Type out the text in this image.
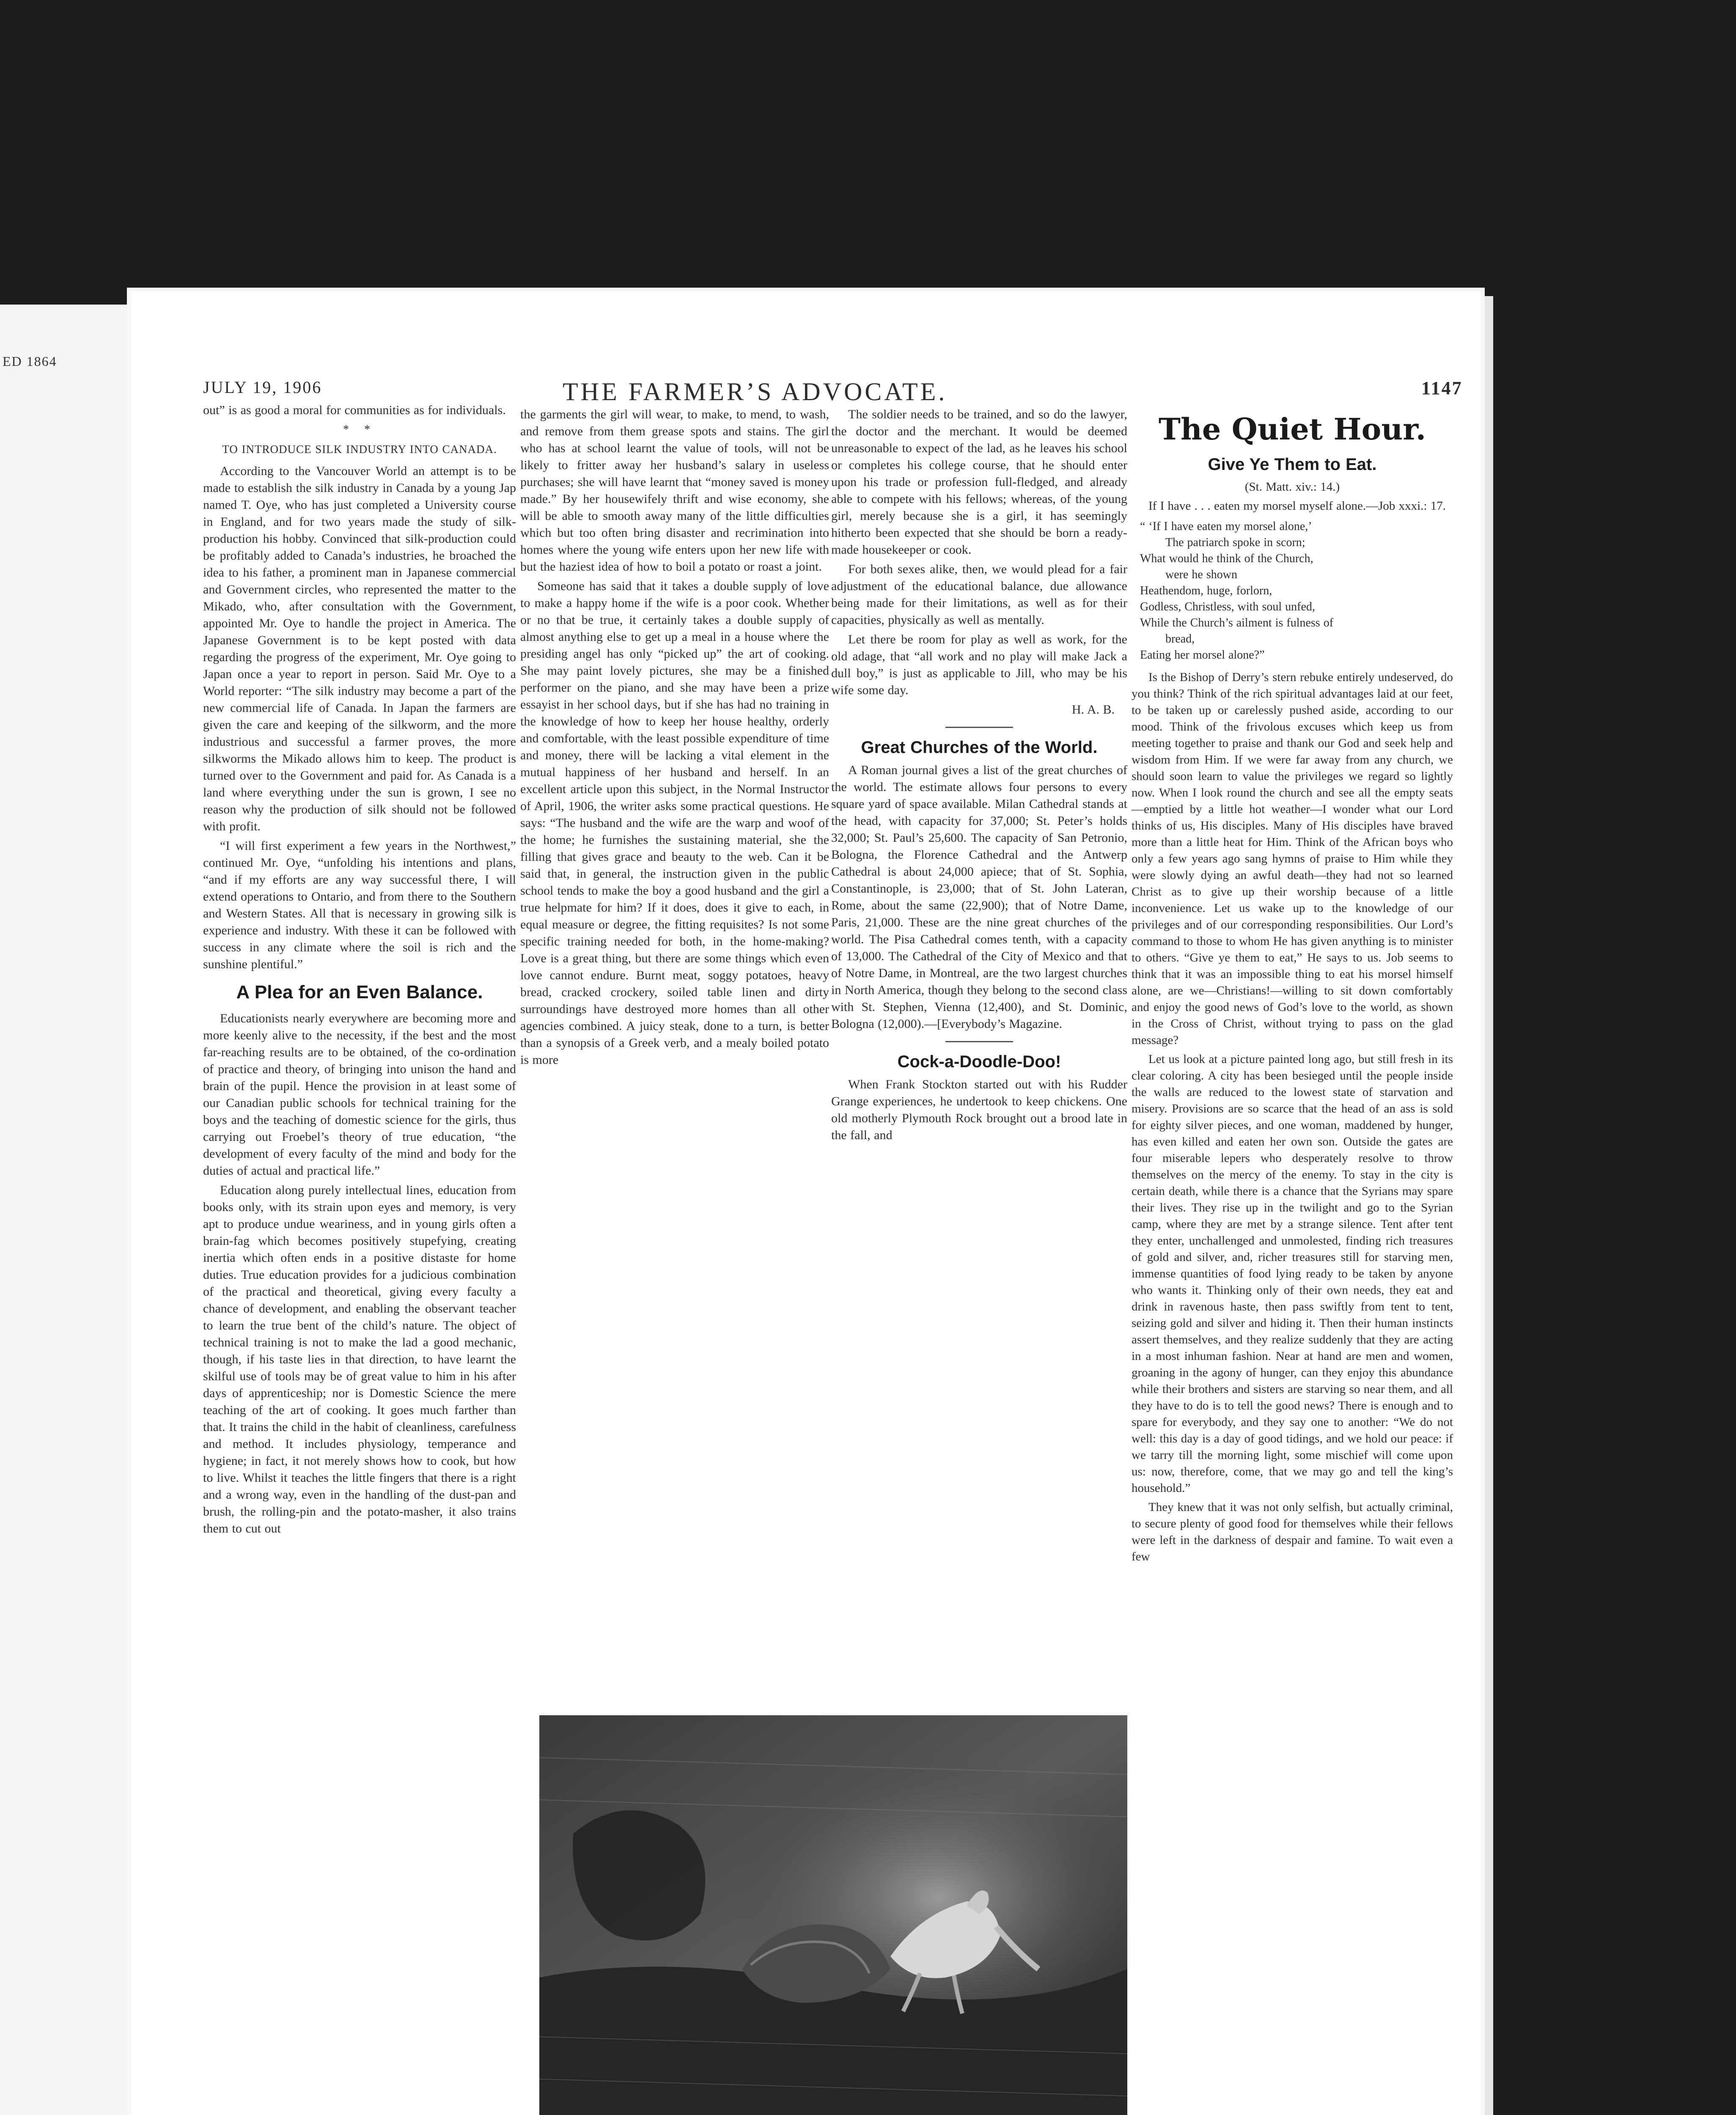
ED 1864
JULY 19, 1906	THE FARMER’S ADVOCATE.	1147

out” is as good a moral for communities as for individuals.

* *

TO INTRODUCE SILK INDUSTRY INTO CANADA.

According to the Vancouver World an attempt is to be made to establish the silk industry in Canada by a young Jap named T. Oye, who has just completed a University course in England, and for two years made the study of silk-production his hobby. Convinced that silk-production could be profitably added to Canada’s industries, he broached the idea to his father, a prominent man in Japanese commercial and Government circles, who represented the matter to the Mikado, who, after consultation with the Government, appointed Mr. Oye to handle the project in America. The Japanese Government is to be kept posted with data regarding the progress of the experiment, Mr. Oye going to Japan once a year to report in person. Said Mr. Oye to a World reporter: “The silk industry may become a part of the new commercial life of Canada. In Japan the farmers are given the care and keeping of the silkworm, and the more industrious and successful a farmer proves, the more silkworms the Mikado allows him to keep. The product is turned over to the Government and paid for. As Canada is a land where everything under the sun is grown, I see no reason why the production of silk should not be followed with profit.

“I will first experiment a few years in the Northwest,” continued Mr. Oye, “unfolding his intentions and plans, “and if my efforts are any way successful there, I will extend operations to Ontario, and from there to the Southern and Western States. All that is necessary in growing silk is experience and industry. With these it can be followed with success in any climate where the soil is rich and the sunshine plentiful.”

A Plea for an Even Balance.

Educationists nearly everywhere are becoming more and more keenly alive to the necessity, if the best and the most far-reaching results are to be obtained, of the co-ordination of practice and theory, of bringing into unison the hand and brain of the pupil. Hence the provision in at least some of our Canadian public schools for technical training for the boys and the teaching of domestic science for the girls, thus carrying out Froebel’s theory of true education, “the development of every faculty of the mind and body for the duties of actual and practical life.”

Education along purely intellectual lines, education from books only, with its strain upon eyes and memory, is very apt to produce undue weariness, and in young girls often a brain-fag which becomes positively stupefying, creating inertia which often ends in a positive distaste for home duties. True education provides for a judicious combination of the practical and theoretical, giving every faculty a chance of development, and enabling the observant teacher to learn the true bent of the child’s nature. The object of technical training is not to make the lad a good mechanic, though, if his taste lies in that direction, to have learnt the skilful use of tools may be of great value to him in his after days of apprenticeship; nor is Domestic Science the mere teaching of the art of cooking. It goes much farther than that. It trains the child in the habit of cleanliness, carefulness and method. It includes physiology, temperance and hygiene; in fact, it not merely shows how to cook, but how to live. Whilst it teaches the little fingers that there is a right and a wrong way, even in the handling of the dust-pan and brush, the rolling-pin and the potato-masher, it also trains them to cut out

the garments the girl will wear, to make, to mend, to wash, and remove from them grease spots and stains. The girl who has at school learnt the value of tools, will not be likely to fritter away her husband’s salary in useless purchases; she will have learnt that “money saved is money made.” By her housewifely thrift and wise economy, she will be able to smooth away many of the little difficulties which but too often bring disaster and recrimination into homes where the young wife enters upon her new life with but the haziest idea of how to boil a potato or roast a joint.

Someone has said that it takes a double supply of love to make a happy home if the wife is a poor cook. Whether or no that be true, it certainly takes a double supply of almost anything else to get up a meal in a house where the presiding angel has only “picked up” the art of cooking. She may paint lovely pictures, she may be a finished performer on the piano, and she may have been a prize essayist in her school days, but if she has had no training in the knowledge of how to keep her house healthy, orderly and comfortable, with the least possible expenditure of time and money, there will be lacking a vital element in the mutual happiness of her husband and herself. In an excellent article upon this subject, in the Normal Instructor of April, 1906, the writer asks some practical questions. He says: “The husband and the wife are the warp and woof of the home; he furnishes the sustaining material, she the filling that gives grace and beauty to the web. Can it be said that, in general, the instruction given in the public school tends to make the boy a good husband and the girl a true helpmate for him? If it does, does it give to each, in equal measure or degree, the fitting requisites? Is not some specific training needed for both, in the home-making? Love is a great thing, but there are some things which even love cannot endure. Burnt meat, soggy potatoes, heavy bread, cracked crockery, soiled table linen and dirty surroundings have destroyed more homes than all other agencies combined. A juicy steak, done to a turn, is better than a synopsis of a Greek verb, and a mealy boiled potato is more

The soldier needs to be trained, and so do the lawyer, the doctor and the merchant. It would be deemed unreasonable to expect of the lad, as he leaves his school or completes his college course, that he should enter upon his trade or profession full-fledged, and already able to compete with his fellows; whereas, of the young girl, merely because she is a girl, it has seemingly hitherto been expected that she should be born a ready-made housekeeper or cook.

For both sexes alike, then, we would plead for a fair adjustment of the educational balance, due allowance being made for their limitations, as well as for their capacities, physically as well as mentally.

Let there be room for play as well as work, for the old adage, that “all work and no play will make Jack a dull boy,” is just as applicable to Jill, who may be his wife some day.

H. A. B.

Great Churches of the World.

A Roman journal gives a list of the great churches of the world. The estimate allows four persons to every square yard of space available. Milan Cathedral stands at the head, with capacity for 37,000; St. Peter’s holds 32,000; St. Paul’s 25,600. The capacity of San Petronio, Bologna, the Florence Cathedral and the Antwerp Cathedral is about 24,000 apiece; that of St. Sophia, Constantinople, is 23,000; that of St. John Lateran, Rome, about the same (22,900); that of Notre Dame, Paris, 21,000. These are the nine great churches of the world. The Pisa Cathedral comes tenth, with a capacity of 13,000. The Cathedral of the City of Mexico and that of Notre Dame, in Montreal, are the two largest churches in North America, though they belong to the second class with St. Stephen, Vienna (12,400), and St. Dominic, Bologna (12,000).—[Everybody’s Magazine.

Cock-a-Doodle-Doo!

When Frank Stockton started out with his Rudder Grange experiences, he undertook to keep chickens. One old motherly Plymouth Rock brought out a brood late in the fall, and

The Quiet Hour.
Give Ye Them to Eat.

(St. Matt. xiv.: 14.)

If I have . . . eaten my morsel myself alone.—Job xxxi.: 17.

“ ‘If I have eaten my morsel alone,’
The patriarch spoke in scorn;
What would he think of the Church,
were he shown
Heathendom, huge, forlorn,
Godless, Christless, with soul unfed,
While the Church’s ailment is fulness of
bread,
Eating her morsel alone?”

Is the Bishop of Derry’s stern rebuke entirely undeserved, do you think? Think of the rich spiritual advantages laid at our feet, to be taken up or carelessly pushed aside, according to our mood. Think of the frivolous excuses which keep us from meeting together to praise and thank our God and seek help and wisdom from Him. If we were far away from any church, we should soon learn to value the privileges we regard so lightly now. When I look round the church and see all the empty seats—emptied by a little hot weather—I wonder what our Lord thinks of us, His disciples. Many of His disciples have braved more than a little heat for Him. Think of the African boys who only a few years ago sang hymns of praise to Him while they were slowly dying an awful death—they had not so learned Christ as to give up their worship because of a little inconvenience. Let us wake up to the knowledge of our privileges and of our corresponding responsibilities. Our Lord’s command to those to whom He has given anything is to minister to others. “Give ye them to eat,” He says to us. Job seems to think that it was an impossible thing to eat his morsel himself alone, are we—Christians!—willing to sit down comfortably and enjoy the good news of God’s love to the world, as shown in the Cross of Christ, without trying to pass on the glad message?

Let us look at a picture painted long ago, but still fresh in its clear coloring. A city has been besieged until the people inside the walls are reduced to the lowest state of starvation and misery. Provisions are so scarce that the head of an ass is sold for eighty silver pieces, and one woman, maddened by hunger, has even killed and eaten her own son. Outside the gates are four miserable lepers who desperately resolve to throw themselves on the mercy of the enemy. To stay in the city is certain death, while there is a chance that the Syrians may spare their lives. They rise up in the twilight and go to the Syrian camp, where they are met by a strange silence. Tent after tent they enter, unchallenged and unmolested, finding rich treasures of gold and silver, and, richer treasures still for starving men, immense quantities of food lying ready to be taken by anyone who wants it. Thinking only of their own needs, they eat and drink in ravenous haste, then pass swiftly from tent to tent, seizing gold and silver and hiding it. Then their human instincts assert themselves, and they realize suddenly that they are acting in a most inhuman fashion. Near at hand are men and women, groaning in the agony of hunger, can they enjoy this abundance while their brothers and sisters are starving so near them, and all they have to do is to tell the good news? There is enough and to spare for everybody, and they say one to another: “We do not well: this day is a day of good tidings, and we hold our peace: if we tarry till the morning light, some mischief will come upon us: now, therefore, come, that we may go and tell the king’s household.”

They knew that it was not only selfish, but actually criminal, to secure plenty of good food for themselves while their fellows were left in the darkness of despair and famine. To wait even a few
